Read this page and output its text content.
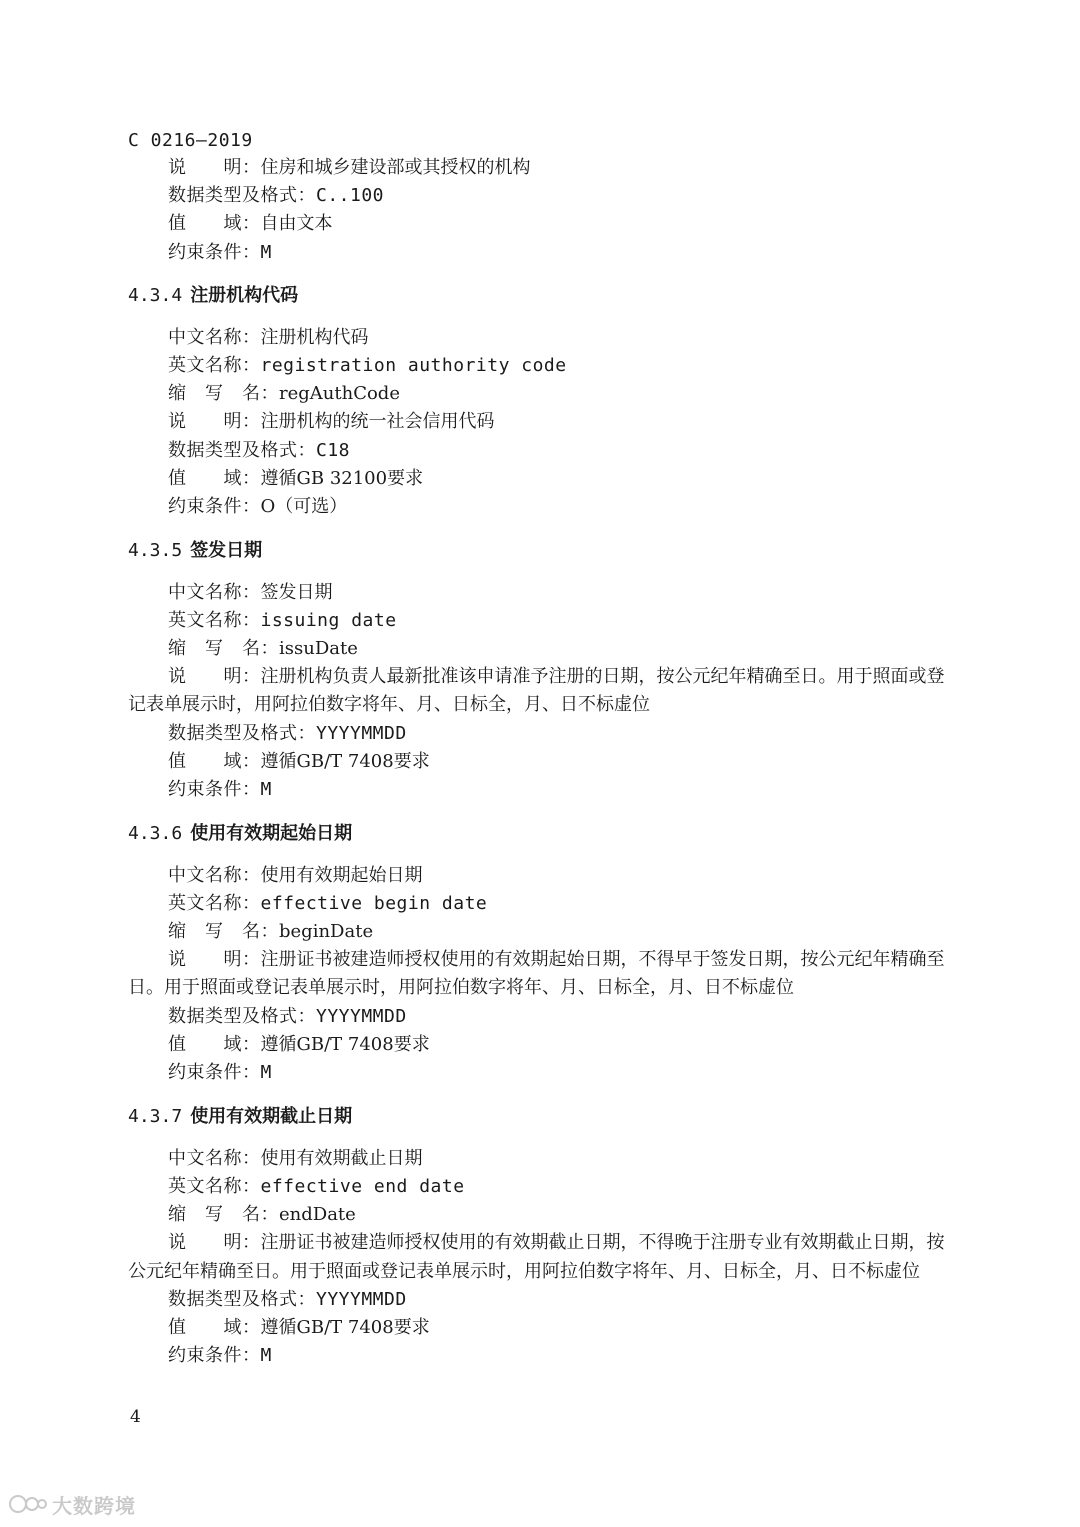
C 0216—2019
说　　明：住房和城乡建设部或其授权的机构
数据类型及格式：C..100
值　　域：自由文本
约束条件：M
4.3.4 注册机构代码
中文名称：注册机构代码
英文名称：registration authority code
缩　写　名：regAuthCode
说　　明：注册机构的统一社会信用代码
数据类型及格式：C18
值　　域：遵循GB 32100要求
约束条件：O（可选）
4.3.5 签发日期
中文名称：签发日期
英文名称：issuing date
缩　写　名：issuDate
说　　明：注册机构负责人最新批准该申请准予注册的日期，按公元纪年精确至日。用于照面或登
记表单展示时，用阿拉伯数字将年、月、日标全，月、日不标虚位
数据类型及格式：YYYYMMDD
值　　域：遵循GB/T 7408要求
约束条件：M
4.3.6 使用有效期起始日期
中文名称：使用有效期起始日期
英文名称：effective begin date
缩　写　名：beginDate
说　　明：注册证书被建造师授权使用的有效期起始日期，不得早于签发日期，按公元纪年精确至
日。用于照面或登记表单展示时，用阿拉伯数字将年、月、日标全，月、日不标虚位
数据类型及格式：YYYYMMDD
值　　域：遵循GB/T 7408要求
约束条件：M
4.3.7 使用有效期截止日期
中文名称：使用有效期截止日期
英文名称：effective end date
缩　写　名：endDate
说　　明：注册证书被建造师授权使用的有效期截止日期，不得晚于注册专业有效期截止日期，按
公元纪年精确至日。用于照面或登记表单展示时，用阿拉伯数字将年、月、日标全，月、日不标虚位
数据类型及格式：YYYYMMDD
值　　域：遵循GB/T 7408要求
约束条件：M
4
大数跨境
